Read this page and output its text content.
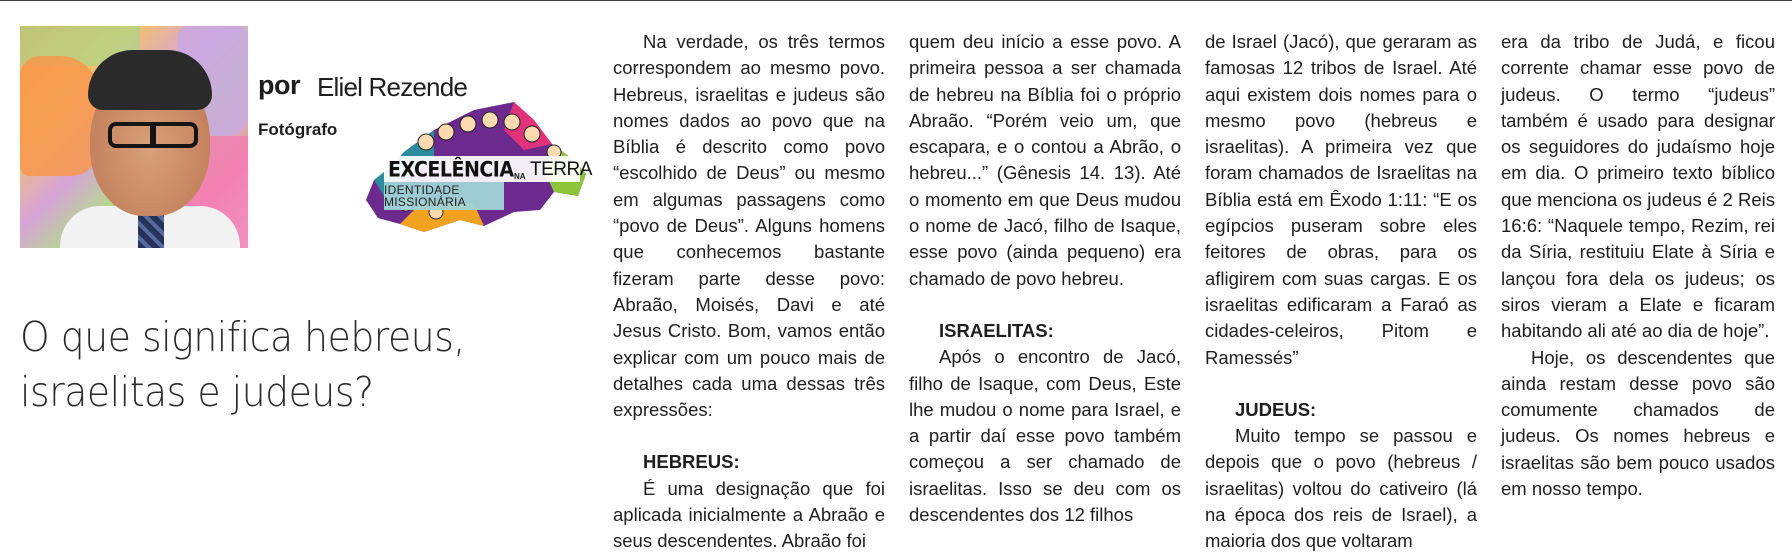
por Eliel Rezende
Fotógrafo
EXCELÊNCIA NA TERRA
IDENTIDADE
MISSIONÁRIA
O que significa hebreus,
israelitas e judeus?

Na verdade, os três termos correspondem ao mesmo povo. Hebreus, israelitas e judeus são nomes dados ao povo que na Bíblia é descrito como povo “escolhido de Deus” ou mesmo em algumas passagens como “povo de Deus”. Alguns homens que conhecemos bastante fizeram parte desse povo: Abraão, Moisés, Davi e até Jesus Cristo. Bom, vamos então explicar com um pouco mais de detalhes cada uma dessas três expressões:

HEBREUS:

É uma designação que foi aplicada inicialmente a Abraão e seus descendentes. Abraão foi

quem deu início a esse povo. A primeira pessoa a ser chamada de hebreu na Bíblia foi o próprio Abraão. “Porém veio um, que escapara, e o contou a Abrão, o hebreu...” (Gênesis 14. 13). Até o momento em que Deus mudou o nome de Jacó, filho de Isaque, esse povo (ainda pequeno) era chamado de povo hebreu.

ISRAELITAS:

Após o encontro de Jacó, filho de Isaque, com Deus, Este lhe mudou o nome para Israel, e a partir daí esse povo também começou a ser chamado de israelitas. Isso se deu com os descendentes dos 12 filhos

de Israel (Jacó), que geraram as famosas 12 tribos de Israel. Até aqui existem dois nomes para o mesmo povo (hebreus e israelitas). A primeira vez que foram chamados de Israelitas na Bíblia está em Êxodo 1:11: “E os egípcios puseram sobre eles feitores de obras, para os afligirem com suas cargas. E os israelitas edificaram a Faraó as cidades-celeiros, Pitom e Ramessés”

JUDEUS:

Muito tempo se passou e depois que o povo (hebreus / israelitas) voltou do cativeiro (lá na época dos reis de Israel), a maioria dos que voltaram

era da tribo de Judá, e ficou corrente chamar esse povo de judeus. O termo “judeus” também é usado para designar os seguidores do judaísmo hoje em dia. O primeiro texto bíblico que menciona os judeus é 2 Reis 16:6: “Naquele tempo, Rezim, rei da Síria, restituiu Elate à Síria e lançou fora dela os judeus; os siros vieram a Elate e ficaram habitando ali até ao dia de hoje”.

Hoje, os descendentes que ainda restam desse povo são comumente chamados de judeus. Os nomes hebreus e israelitas são bem pouco usados em nosso tempo.
